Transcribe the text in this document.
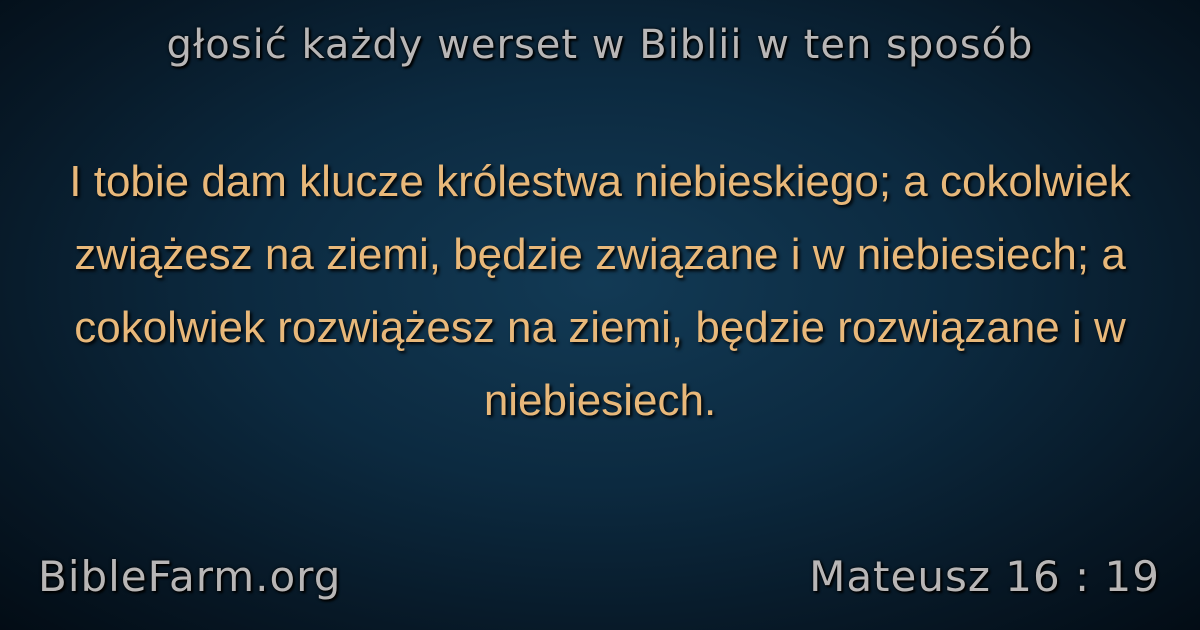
głosić każdy werset w Biblii w ten sposób
I tobie dam klucze królestwa niebieskiego; a cokolwiek zwiążesz na ziemi, będzie związane i w niebiesiech; a cokolwiek rozwiążesz na ziemi, będzie rozwiązane i w niebiesiech.
BibleFarm.org	Mateusz 16 : 19
